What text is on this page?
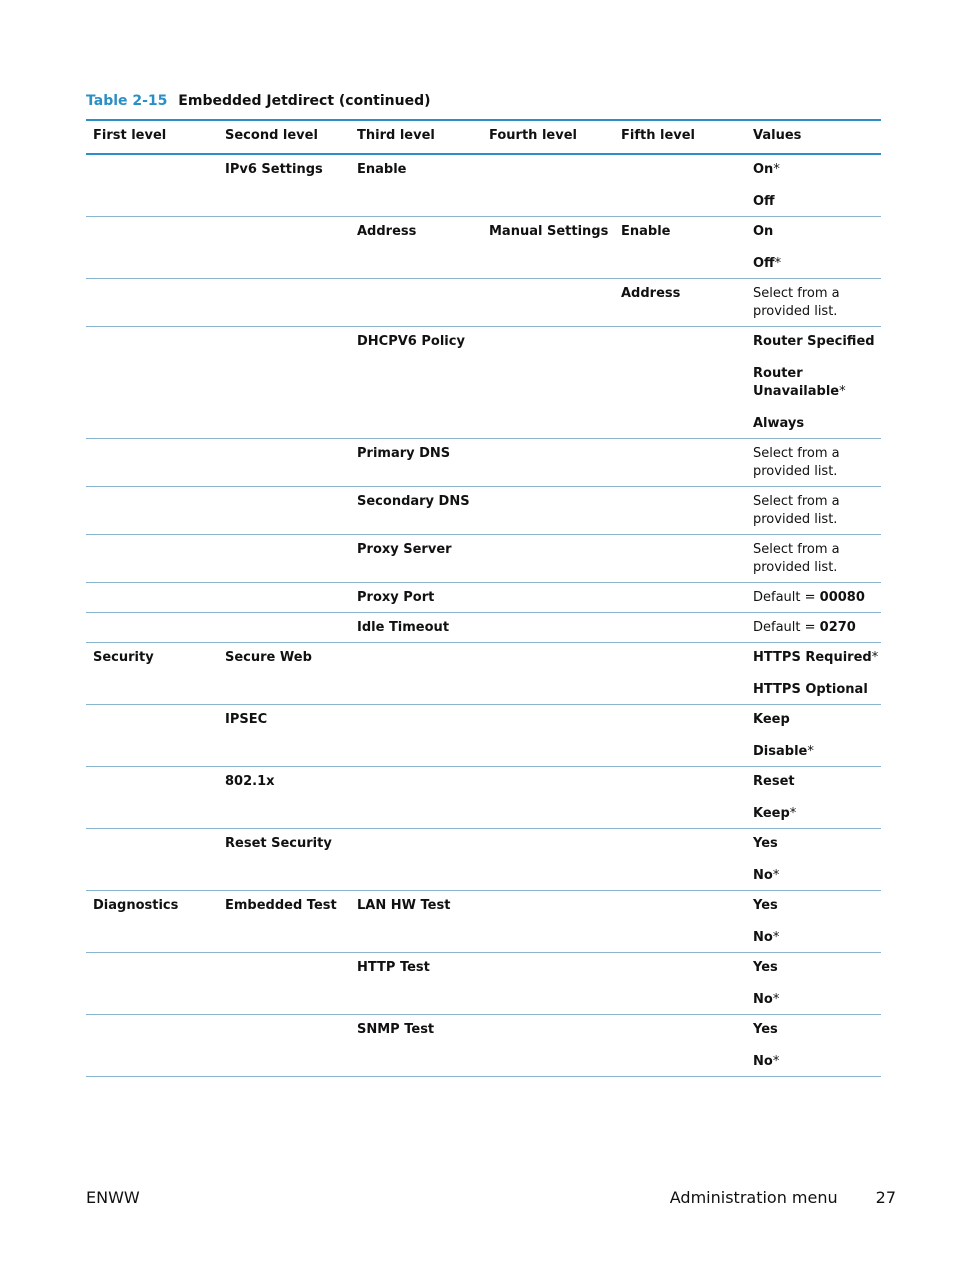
Table 2-15 Embedded Jetdirect (continued)
First level	Second level	Third level	Fourth level	Fifth level	Values
	IPv6 Settings	Enable			On*
Off

		Address	Manual Settings	Enable	On
Off*

				Address	Select from a provided list.

		DHCPV6 Policy			Router Specified
Router Unavailable*
Always

		Primary DNS			Select from a provided list.

		Secondary DNS			Select from a provided list.

		Proxy Server			Select from a provided list.

		Proxy Port			Default = 00080

		Idle Timeout			Default = 0270

Security	Secure Web				HTTPS Required*
HTTPS Optional

	IPSEC				Keep
Disable*

	802.1x				Reset
Keep*

	Reset Security				Yes
No*

Diagnostics	Embedded Test	LAN HW Test			Yes
No*

		HTTP Test			Yes
No*

		SNMP Test			Yes
No*
ENWW	Administration menu 27
